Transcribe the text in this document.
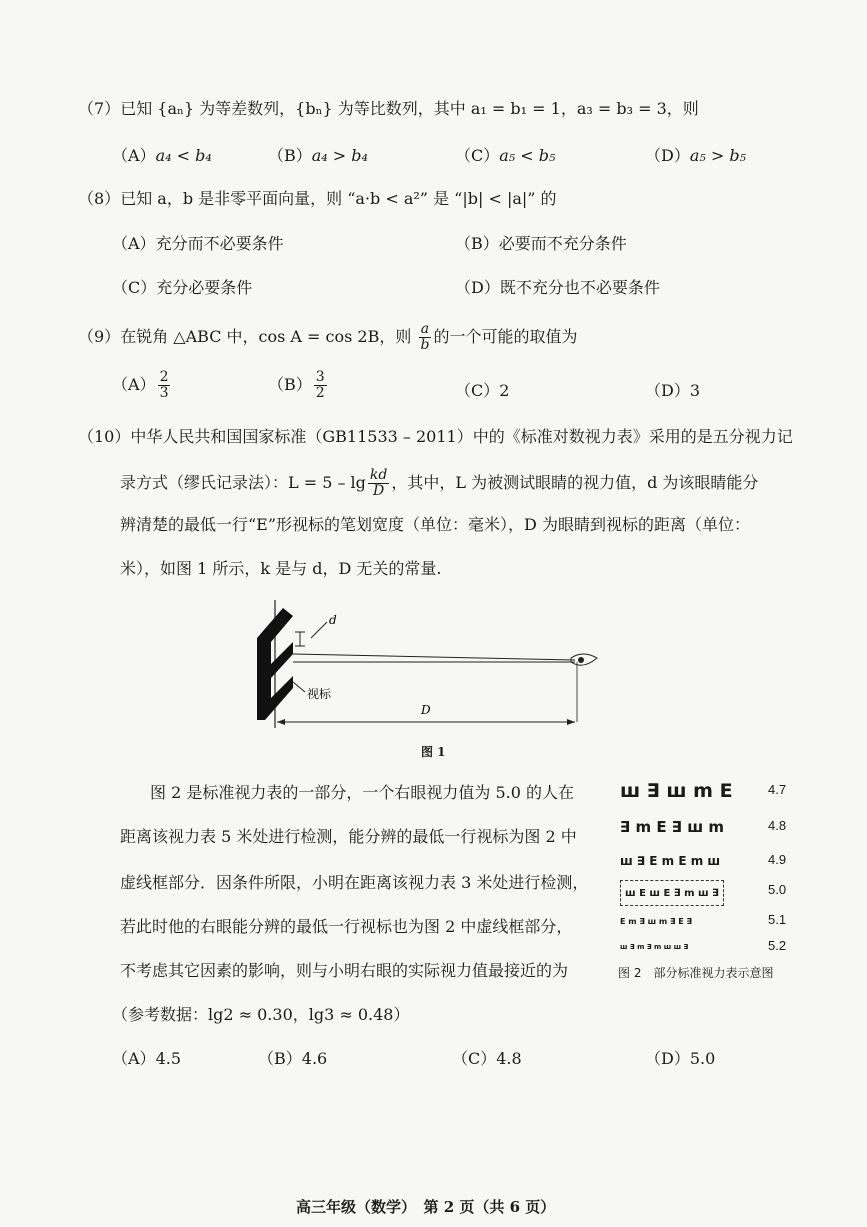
（7）已知 {aₙ} 为等差数列，{bₙ} 为等比数列，其中 a₁ = b₁ = 1，a₃ = b₃ = 3，则
（A）a₄ < b₄	（B）a₄ > b₄	（C）a₅ < b₅	（D）a₅ > b₅
（8）已知 a，b 是非零平面向量，则 “a·b < a²” 是 “|b| < |a|” 的
（A）充分而不必要条件	（B）必要而不充分条件
（C）充分必要条件	（D）既不充分也不必要条件
（9）在锐角 △ABC 中，cos A = cos 2B，则 $\frac{a}{b}$ 的一个可能的取值为
$(A) \frac{2}{3}$	$(B) \frac{3}{2}$	（C）2	（D）3
（10）中华人民共和国国家标准（GB11533 – 2011）中的《标准对数视力表》采用的是五分视力记
录方式（缪氏记录法）：$L = 5 - \lg \frac{kd}{D}$ ，其中，L 为被测试眼睛的视力值，d 为该眼睛能分
辨清楚的最低一行“E”形视标的笔划宽度（单位：毫米），D 为眼睛到视标的距离（单位：
米），如图 1 所示，k 是与 d，D 无关的常量.
d
视标
D
图 1
图 2 是标准视力表的一部分，一个右眼视力值为 5.0 的人在
距离该视力表 5 米处进行检测，能分辨的最低一行视标为图 2 中
虚线框部分．因条件所限，小明在距离该视力表 3 米处进行检测，
若此时他的右眼能分辨的最低一行视标也为图 2 中虚线框部分，
不考虑其它因素的影响，则与小明右眼的实际视力值最接近的为
（参考数据：lg2 ≈ 0.30，lg3 ≈ 0.48）
ш ∃ ш m E	4.7
∃ m E ∃ ш m	4.8
ш ∃ E m E m ш	4.9
ш E ш E ∃ m ш ∃	5.0
E m ∃ ш m ∃ E ∃	5.1
ш ∃ m ∃ m ш ш ∃	5.2
图 2　部分标准视力表示意图
（A）4.5	（B）4.6	（C）4.8	（D）5.0
高三年级（数学）　第 2 页（共 6 页）
